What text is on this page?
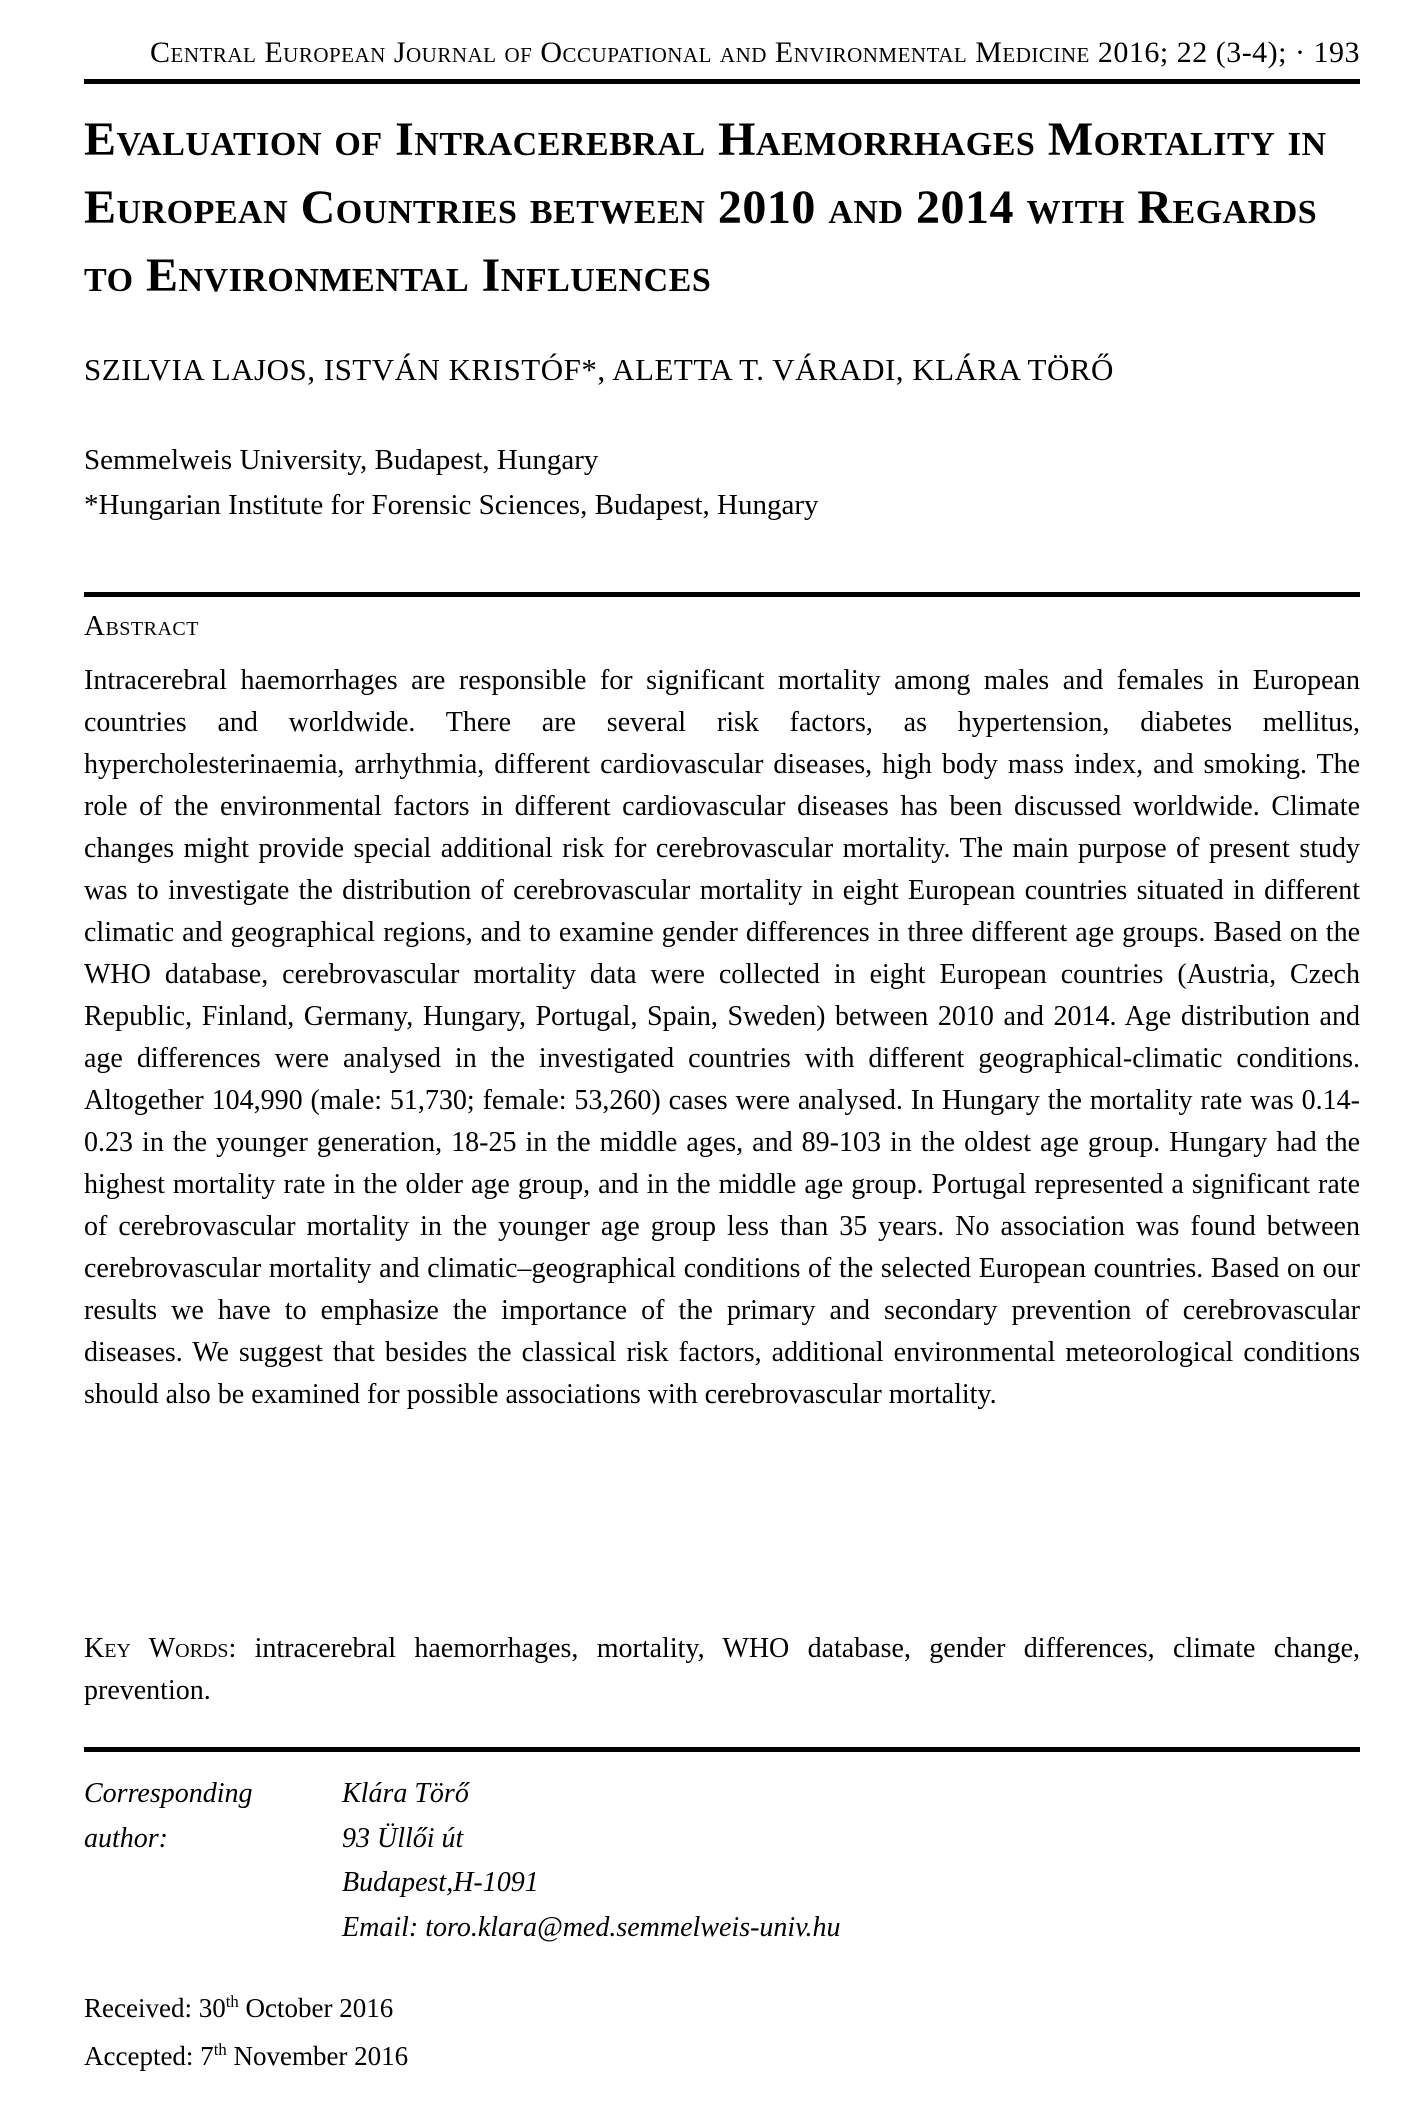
Central European Journal of Occupational and Environmental Medicine 2016; 22 (3-4); · 193
Evaluation of Intracerebral Haemorrhages Mortality in
European Countries between 2010 and 2014 with Regards
to Environmental Influences
SZILVIA LAJOS, ISTVÁN KRISTÓF*, ALETTA T. VÁRADI, KLÁRA TÖRŐ
Semmelweis University, Budapest, Hungary
*Hungarian Institute for Forensic Sciences, Budapest, Hungary
Abstract

Intracerebral haemorrhages are responsible for significant mortality among males and females in European countries and worldwide. There are several risk factors, as hypertension, diabetes mellitus, hypercholesterinaemia, arrhythmia, different cardiovascular diseases, high body mass index, and smoking. The role of the environmental factors in different cardiovascular diseases has been discussed worldwide. Climate changes might provide special additional risk for cerebrovascular mortality. The main purpose of present study was to investigate the distribution of cerebrovascular mortality in eight European countries situated in different climatic and geographical regions, and to examine gender differences in three different age groups. Based on the WHO database, cerebrovascular mortality data were collected in eight European countries (Austria, Czech Republic, Finland, Germany, Hungary, Portugal, Spain, Sweden) between 2010 and 2014. Age distribution and age differences were analysed in the investigated countries with different geographical-climatic conditions. Altogether 104,990 (male: 51,730; female: 53,260) cases were analysed. In Hungary the mortality rate was 0.14-0.23 in the younger generation, 18-25 in the middle ages, and 89-103 in the oldest age group. Hungary had the highest mortality rate in the older age group, and in the middle age group. Portugal represented a significant rate of cerebrovascular mortality in the younger age group less than 35 years. No association was found between cerebrovascular mortality and climatic–geographical conditions of the selected European countries. Based on our results we have to emphasize the importance of the primary and secondary prevention of cerebrovascular diseases. We suggest that besides the classical risk factors, additional environmental meteorological conditions should also be examined for possible associations with cerebrovascular mortality.

Key Words: intracerebral haemorrhages, mortality, WHO database, gender differences, climate change, prevention.

Corresponding author:
Klára Törő
93 Üllői út
Budapest,H-1091
Email: toro.klara@med.semmelweis-univ.hu
Received: 30th October 2016
Accepted: 7th November 2016
